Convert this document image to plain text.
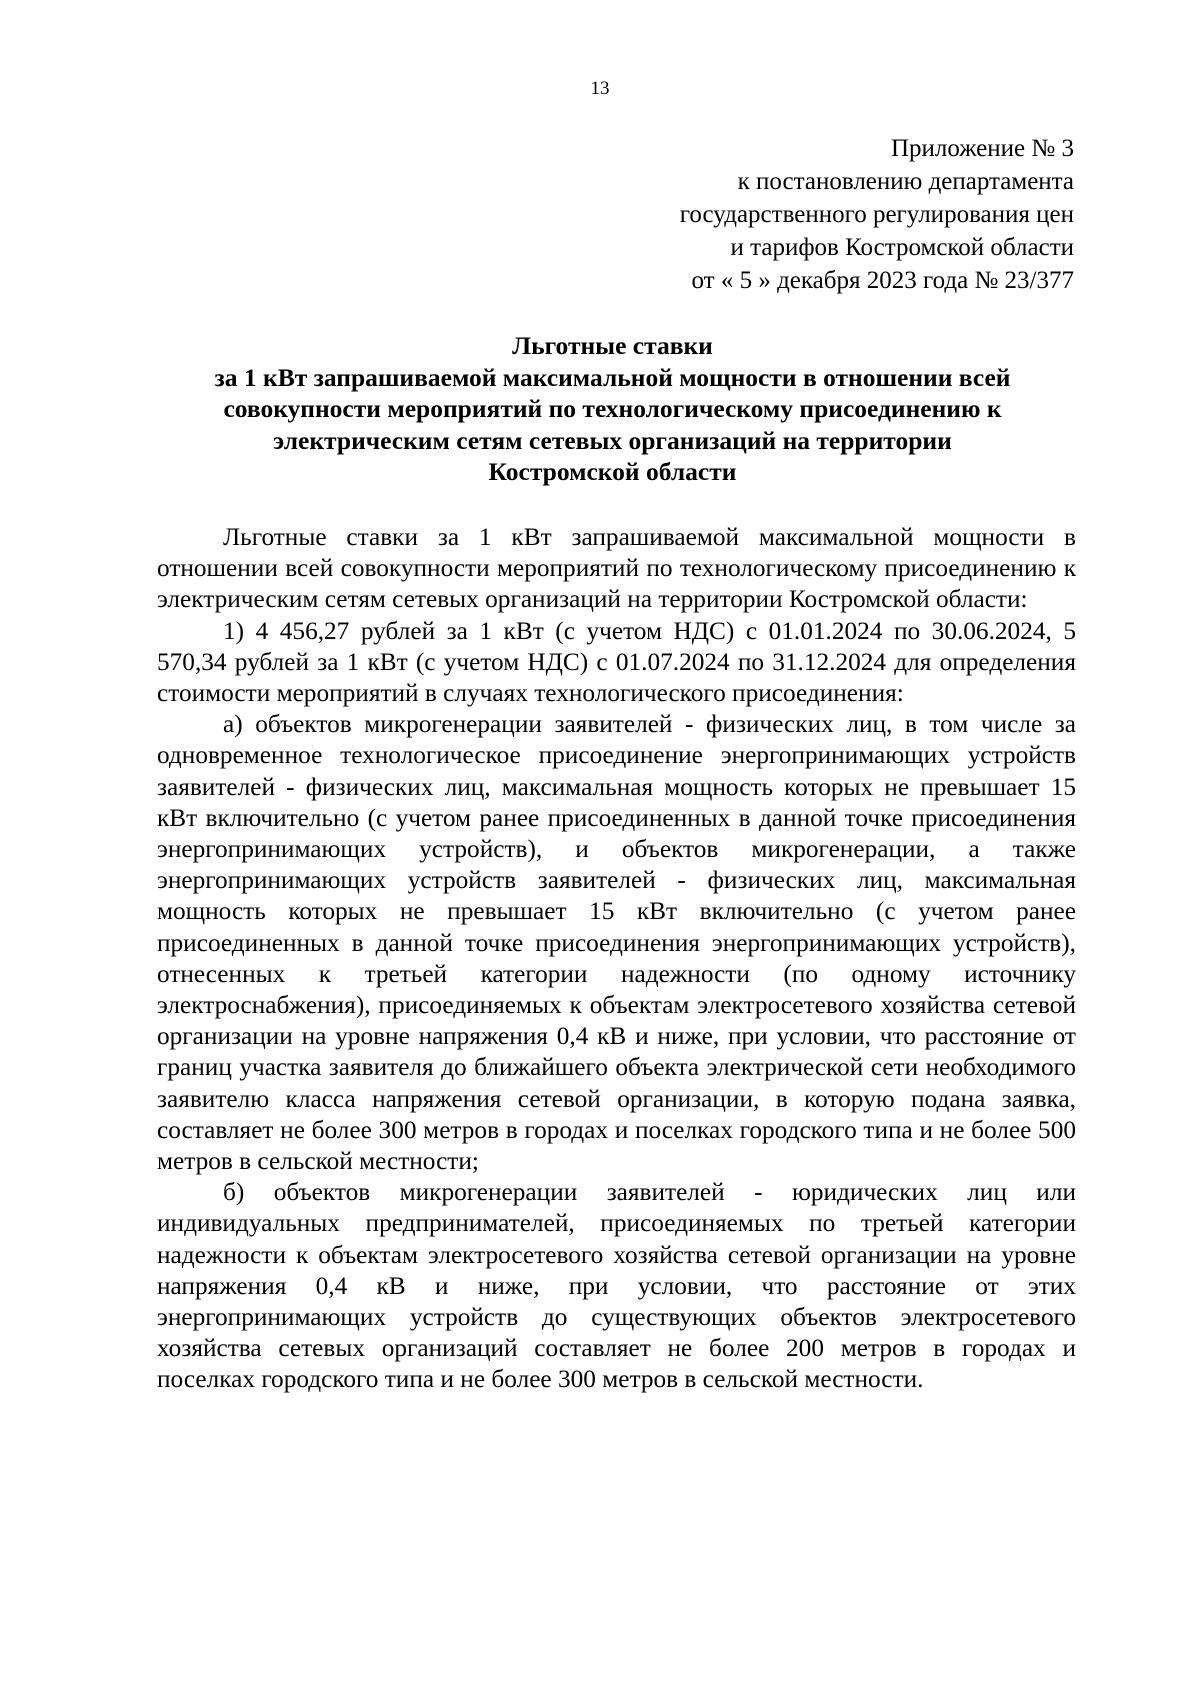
13
Приложение № 3
к постановлению департамента
государственного регулирования цен
и тарифов Костромской области
от « 5 » декабря 2023 года № 23/377
Льготные ставки
за 1 кВт запрашиваемой максимальной мощности в отношении всей
совокупности мероприятий по технологическому присоединению к
электрическим сетям сетевых организаций на территории
Костромской области

Льготные ставки за 1 кВт запрашиваемой максимальной мощности в отношении всей совокупности мероприятий по технологическому присоединению к электрическим сетям сетевых организаций на территории Костромской области:

1) 4 456,27 рублей за 1 кВт (с учетом НДС) с 01.01.2024 по 30.06.2024, 5 570,34 рублей за 1 кВт (с учетом НДС) с 01.07.2024 по 31.12.2024 для определения стоимости мероприятий в случаях технологического присоединения:

а) объектов микрогенерации заявителей - физических лиц, в том числе за одновременное технологическое присоединение энергопринимающих устройств заявителей - физических лиц, максимальная мощность которых не превышает 15 кВт включительно (с учетом ранее присоединенных в данной точке присоединения энергопринимающих устройств), и объектов микрогенерации, а также энергопринимающих устройств заявителей - физических лиц, максимальная мощность которых не превышает 15 кВт включительно (с учетом ранее присоединенных в данной точке присоединения энергопринимающих устройств), отнесенных к третьей категории надежности (по одному источнику электроснабжения), присоединяемых к объектам электросетевого хозяйства сетевой организации на уровне напряжения 0,4 кВ и ниже, при условии, что расстояние от границ участка заявителя до ближайшего объекта электрической сети необходимого заявителю класса напряжения сетевой организации, в которую подана заявка, составляет не более 300 метров в городах и поселках городского типа и не более 500 метров в сельской местности;

б) объектов микрогенерации заявителей - юридических лиц или индивидуальных предпринимателей, присоединяемых по третьей категории надежности к объектам электросетевого хозяйства сетевой организации на уровне напряжения 0,4 кВ и ниже, при условии, что расстояние от этих энергопринимающих устройств до существующих объектов электросетевого хозяйства сетевых организаций составляет не более 200 метров в городах и поселках городского типа и не более 300 метров в сельской местности.
